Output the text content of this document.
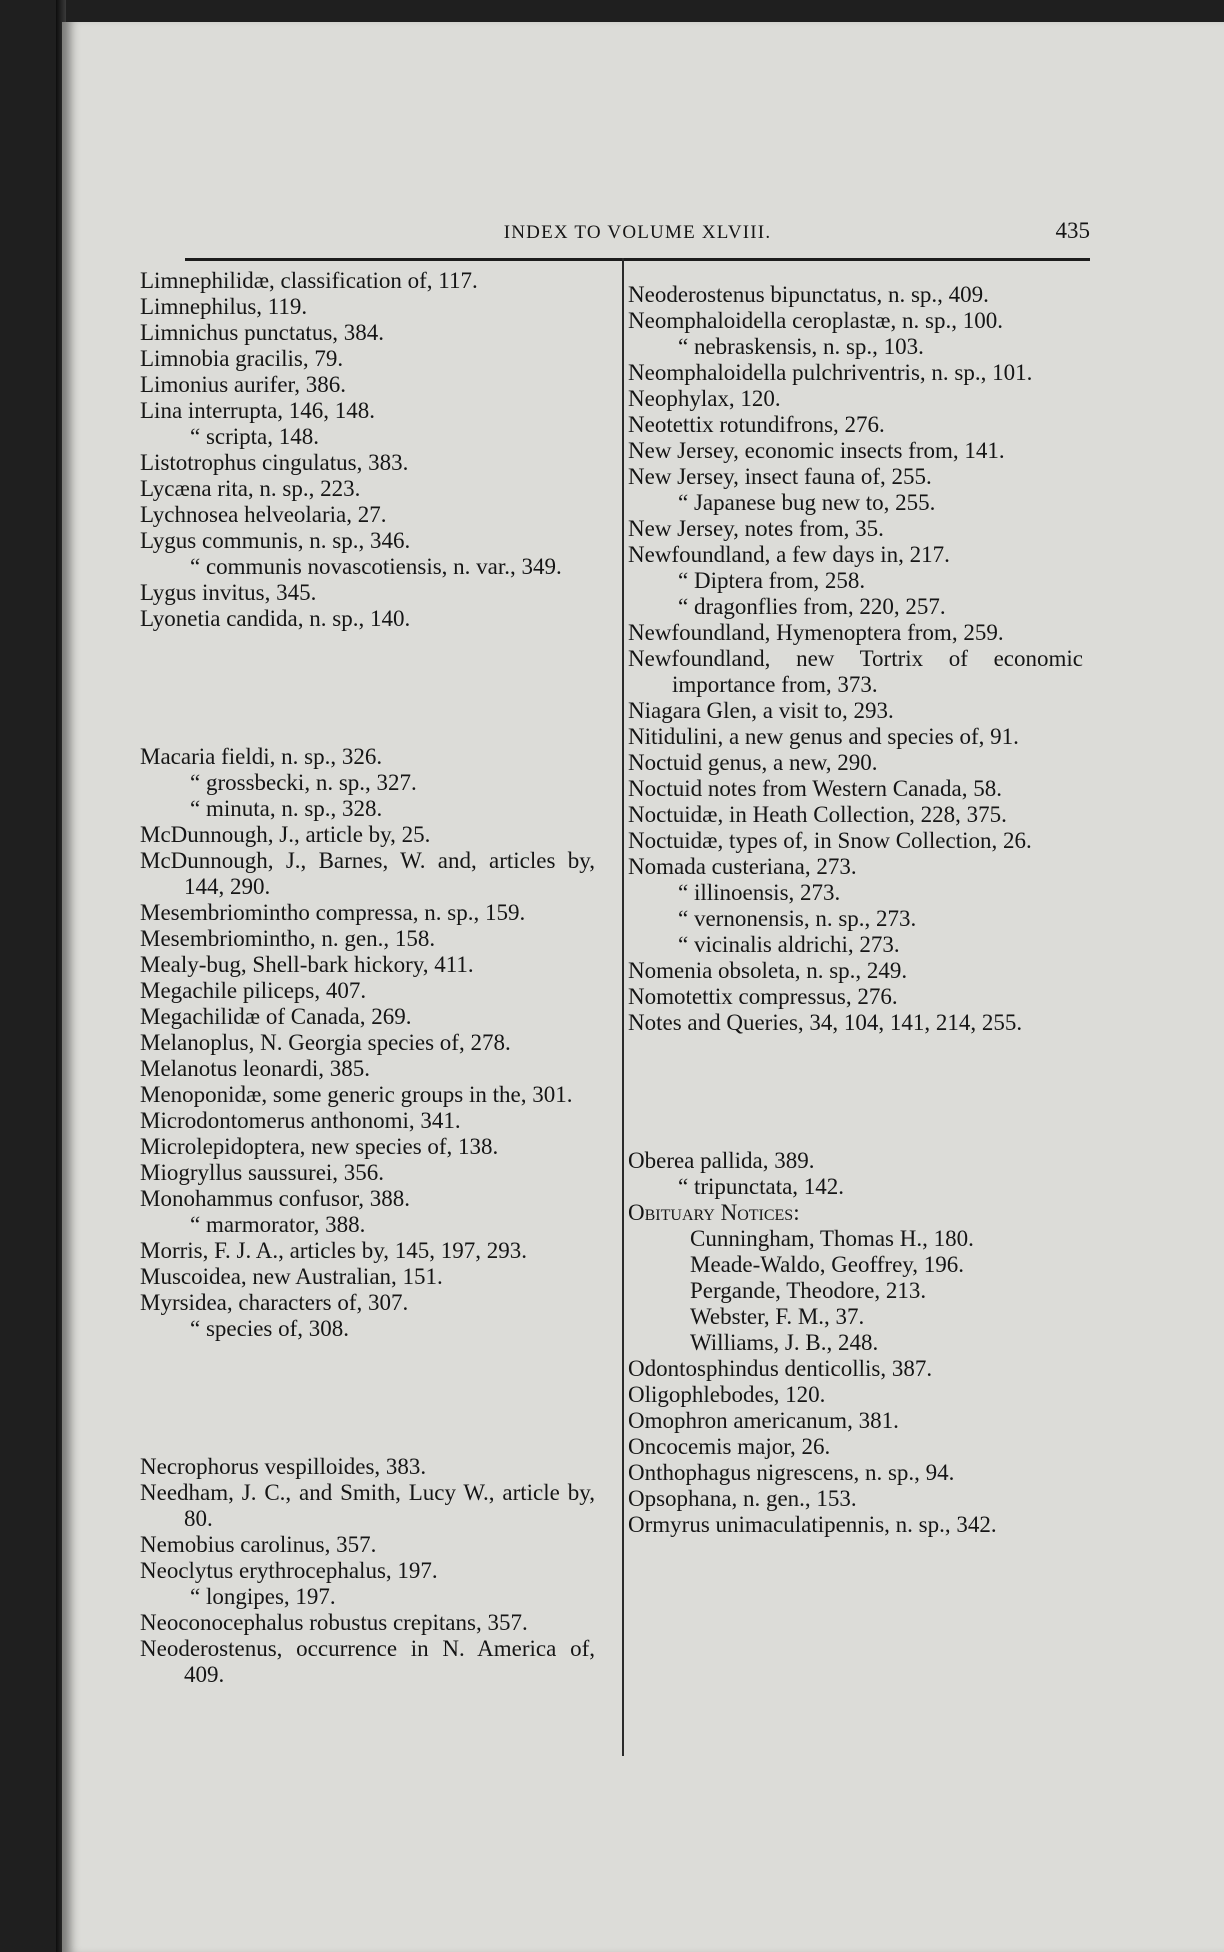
INDEX TO VOLUME XLVIII.	435

Limnephilidæ, classification of, 117.

Limnephilus, 119.

Limnichus punctatus, 384.

Limnobia gracilis, 79.

Limonius aurifer, 386.

Lina interrupta, 146, 148.

“ scripta, 148.

Listotrophus cingulatus, 383.

Lycæna rita, n. sp., 223.

Lychnosea helveolaria, 27.

Lygus communis, n. sp., 346.

“ communis novascotiensis, n. var., 349.

Lygus invitus, 345.

Lyonetia candida, n. sp., 140.

Macaria fieldi, n. sp., 326.

“ grossbecki, n. sp., 327.

“ minuta, n. sp., 328.

McDunnough, J., article by, 25.

McDunnough, J., Barnes, W. and, articles by, 144, 290.

Mesembriomintho compressa, n. sp., 159.

Mesembriomintho, n. gen., 158.

Mealy-bug, Shell-bark hickory, 411.

Megachile piliceps, 407.

Megachilidæ of Canada, 269.

Melanoplus, N. Georgia species of, 278.

Melanotus leonardi, 385.

Menoponidæ, some generic groups in the, 301.

Microdontomerus anthonomi, 341.

Microlepidoptera, new species of, 138.

Miogryllus saussurei, 356.

Monohammus confusor, 388.

“ marmorator, 388.

Morris, F. J. A., articles by, 145, 197, 293.

Muscoidea, new Australian, 151.

Myrsidea, characters of, 307.

“ species of, 308.

Necrophorus vespilloides, 383.

Needham, J. C., and Smith, Lucy W., article by, 80.

Nemobius carolinus, 357.

Neoclytus erythrocephalus, 197.

“ longipes, 197.

Neoconocephalus robustus crepitans, 357.

Neoderostenus, occurrence in N. America of, 409.

Neoderostenus bipunctatus, n. sp., 409.

Neomphaloidella ceroplastæ, n. sp., 100.

“ nebraskensis, n. sp., 103.

Neomphaloidella pulchriventris, n. sp., 101.

Neophylax, 120.

Neotettix rotundifrons, 276.

New Jersey, economic insects from, 141.

New Jersey, insect fauna of, 255.

“ Japanese bug new to, 255.

New Jersey, notes from, 35.

Newfoundland, a few days in, 217.

“ Diptera from, 258.

“ dragonflies from, 220, 257.

Newfoundland, Hymenoptera from, 259.

Newfoundland, new Tortrix of economic importance from, 373.

Niagara Glen, a visit to, 293.

Nitidulini, a new genus and species of, 91.

Noctuid genus, a new, 290.

Noctuid notes from Western Canada, 58.

Noctuidæ, in Heath Collection, 228, 375.

Noctuidæ, types of, in Snow Collection, 26.

Nomada custeriana, 273.

“ illinoensis, 273.

“ vernonensis, n. sp., 273.

“ vicinalis aldrichi, 273.

Nomenia obsoleta, n. sp., 249.

Nomotettix compressus, 276.

Notes and Queries, 34, 104, 141, 214, 255.

Oberea pallida, 389.

“ tripunctata, 142.

Obituary Notices:

Cunningham, Thomas H., 180.

Meade-Waldo, Geoffrey, 196.

Pergande, Theodore, 213.

Webster, F. M., 37.

Williams, J. B., 248.

Odontosphindus denticollis, 387.

Oligophlebodes, 120.

Omophron americanum, 381.

Oncocemis major, 26.

Onthophagus nigrescens, n. sp., 94.

Opsophana, n. gen., 153.

Ormyrus unimaculatipennis, n. sp., 342.
